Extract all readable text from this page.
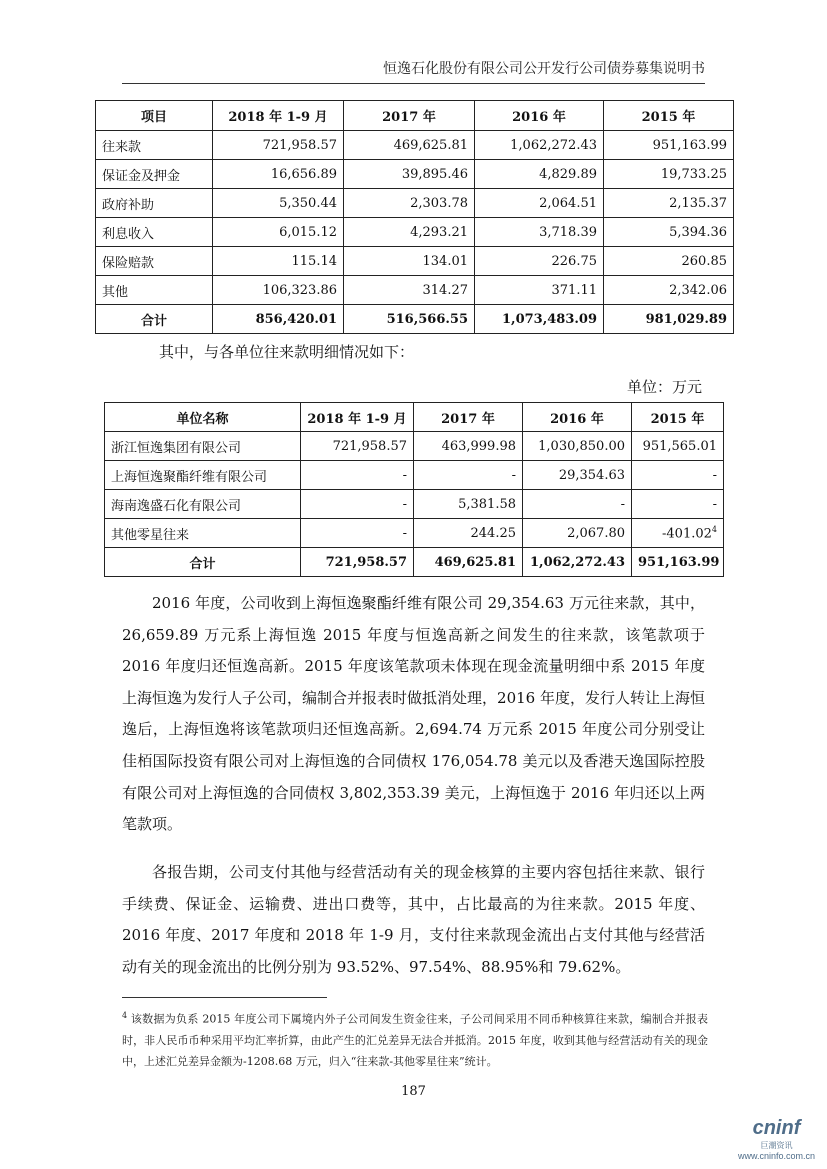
恒逸石化股份有限公司公开发行公司债券募集说明书
项目	2018 年 1-9 月	2017 年	2016 年	2015 年
往来款	721,958.57	469,625.81	1,062,272.43	951,163.99
保证金及押金	16,656.89	39,895.46	4,829.89	19,733.25
政府补助	5,350.44	2,303.78	2,064.51	2,135.37
利息收入	6,015.12	4,293.21	3,718.39	5,394.36
保险赔款	115.14	134.01	226.75	260.85
其他	106,323.86	314.27	371.11	2,342.06
合计	856,420.01	516,566.55	1,073,483.09	981,029.89
其中，与各单位往来款明细情况如下：
单位：万元
单位名称	2018 年 1-9 月	2017 年	2016 年	2015 年
浙江恒逸集团有限公司	721,958.57	463,999.98	1,030,850.00	951,565.01
上海恒逸聚酯纤维有限公司	-	-	29,354.63	-
海南逸盛石化有限公司	-	5,381.58	-	-
其他零星往来	-	244.25	2,067.80	-401.02$^4$
合计	721,958.57	469,625.81	1,062,272.43	951,163.99
2016 年度，公司收到上海恒逸聚酯纤维有限公司 29,354.63 万元往来款，其中，26,659.89 万元系上海恒逸 2015 年度与恒逸高新之间发生的往来款，该笔款项于 2016 年度归还恒逸高新。2015 年度该笔款项未体现在现金流量明细中系 2015 年度上海恒逸为发行人子公司，编制合并报表时做抵消处理，2016 年度，发行人转让上海恒逸后，上海恒逸将该笔款项归还恒逸高新。2,694.74 万元系 2015 年度公司分别受让佳栢国际投资有限公司对上海恒逸的合同债权 176,054.78 美元以及香港天逸国际控股有限公司对上海恒逸的合同债权 3,802,353.39 美元，上海恒逸于 2016 年归还以上两笔款项。
各报告期，公司支付其他与经营活动有关的现金核算的主要内容包括往来款、银行手续费、保证金、运输费、进出口费等，其中，占比最高的为往来款。2015 年度、2016 年度、2017 年度和 2018 年 1-9 月，支付往来款现金流出占支付其他与经营活动有关的现金流出的比例分别为 93.52%、97.54%、88.95%和 79.62%。
$^4$ 该数据为负系 2015 年度公司下属境内外子公司间发生资金往来，子公司间采用不同币种核算往来款，编制合并报表时，非人民币币种采用平均汇率折算，由此产生的汇兑差异无法合并抵消。2015 年度，收到其他与经营活动有关的现金中，上述汇兑差异金额为-1208.68 万元，归入“往来款-其他零星往来”统计。
187
cninf
巨潮资讯
www.cninfo.com.cn
